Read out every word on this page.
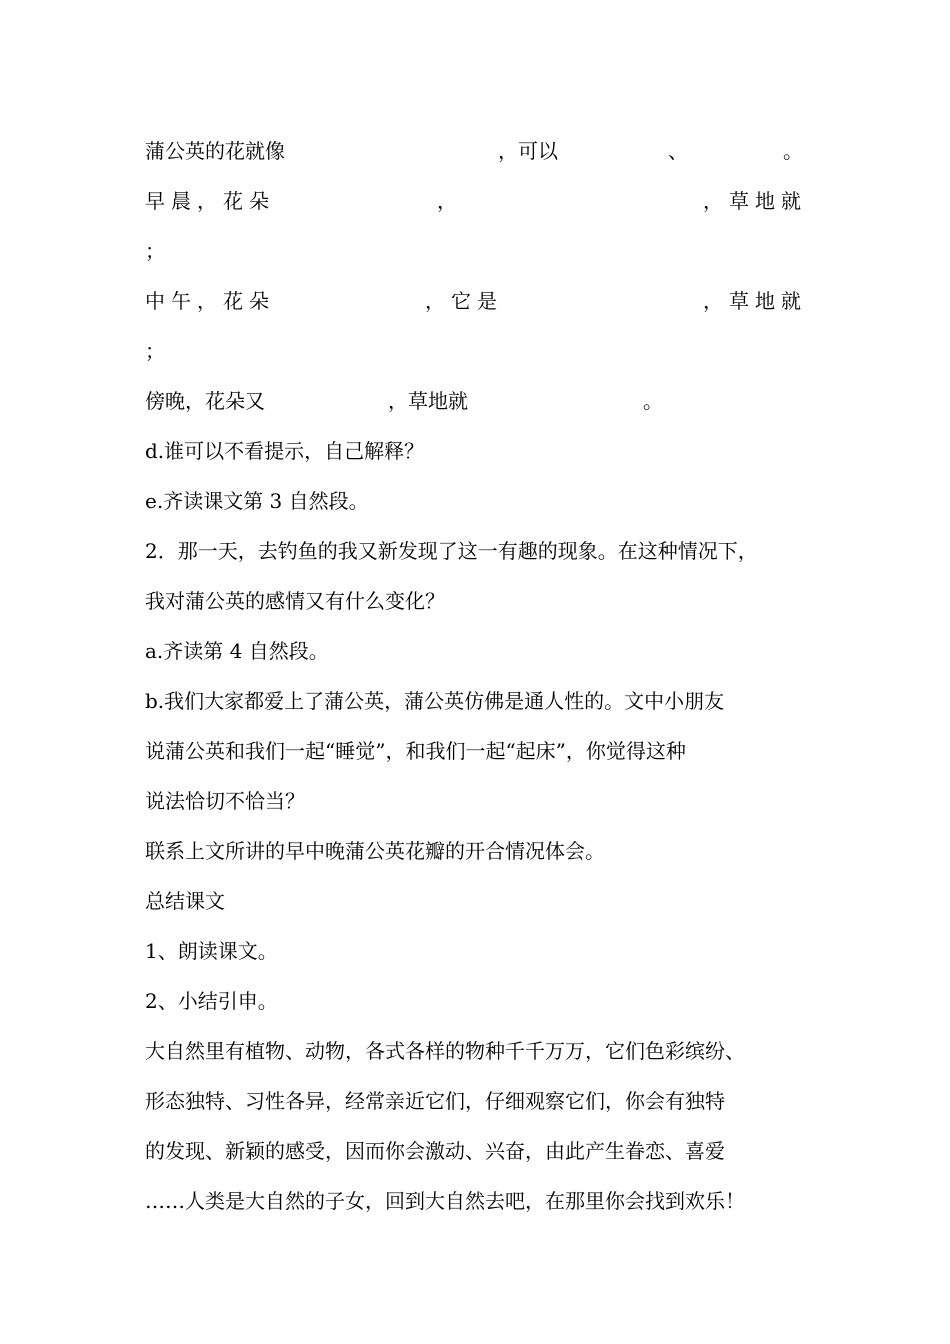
蒲公英的花就像

	，可以

	、

	。

早晨，花朵

	，

	，草地就

；

中午，花朵

	，它是

	，草地就

；

傍晚，花朵又

	，草地就

	。

d.谁可以不看提示，自己解释？
e.齐读课文第 3 自然段。
2．那一天，去钓鱼的我又新发现了这一有趣的现象。在这种情况下，
我对蒲公英的感情又有什么变化？
a.齐读第 4 自然段。
b.我们大家都爱上了蒲公英，蒲公英仿佛是通人性的。文中小朋友
说蒲公英和我们一起“睡觉”，和我们一起“起床”，你觉得这种
说法恰切不恰当？
联系上文所讲的早中晚蒲公英花瓣的开合情况体会。
总结课文
1、朗读课文。
2、小结引申。
大自然里有植物、动物，各式各样的物种千千万万，它们色彩缤纷、
形态独特、习性各异，经常亲近它们，仔细观察它们，你会有独特
的发现、新颖的感受，因而你会激动、兴奋，由此产生眷恋、喜爱
……人类是大自然的子女，回到大自然去吧，在那里你会找到欢乐！
